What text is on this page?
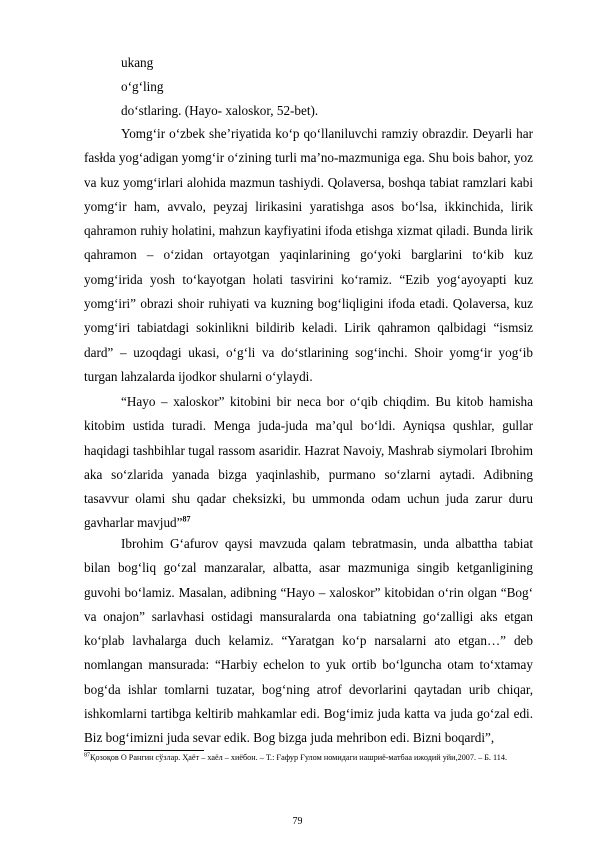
ukang
o‘g‘ling
do‘stlaring. (Hayo- xaloskor, 52-bet).

Yomg‘ir o‘zbek she’riyatida ko‘p qo‘llaniluvchi ramziy obrazdir. Deyarli har fasłda yog‘adigan yomg‘ir o‘zining turli ma’no-mazmuniga ega. Shu bois bahor, yoz va kuz yomg‘irlari alohida mazmun tashiydi. Qolaversa, boshqa tabiat ramzlari kabi yomg‘ir ham, avvalo, peyzaj lirikasini yaratishga asos bo‘lsa, ikkinchida, lirik qahramon ruhiy holatini, mahzun kayfiyatini ifoda etishga xizmat qiladi. Bunda lirik qahramon – o‘zidan ortayotgan yaqinlarining go‘yoki barglarini to‘kib kuz yomg‘irida yosh to‘kayotgan holati tasvirini ko‘ramiz. “Ezib yog‘ayoyapti kuz yomg‘iri” obrazi shoir ruhiyati va kuzning bog‘liqligini ifoda etadi. Qolaversa, kuz yomg‘iri tabiatdagi sokinlikni bildirib keladi. Lirik qahramon qalbidagi “ismsiz dard” – uzoqdagi ukasi, o‘g‘li va do‘stlarining sog‘inchi. Shoir yomg‘ir yog‘ib turgan lahzalarda ijodkor shularni o‘ylaydi.

“Hayo – xaloskor” kitobini bir neca bor o‘qib chiqdim. Bu kitob hamisha kitobim ustida turadi. Menga juda-juda ma’qul bo‘ldi. Ayniqsa qushlar, gullar haqidagi tashbihlar tugal rassom asaridir. Hazrat Navoiy, Mashrab siymolari Ibrohim aka so‘zlarida yanada bizga yaqinlashib, purmano so‘zlarni aytadi. Adibning tasavvur olami shu qadar cheksizki, bu ummonda odam uchun juda zarur duru gavharlar mavjud”$^{87}$

Ibrohim G‘afurov qaysi mavzuda qalam tebratmasin, unda albattha tabiat bilan bog‘liq go‘zal manzaralar, albatta, asar mazmuniga singib ketganligining guvohi bo‘lamiz. Masalan, adibning “Hayo – xaloskor” kitobidan o‘rin olgan “Bog‘ va onajon” sarlavhasi ostidagi mansuralarda ona tabiatning go‘zalligi aks etgan ko‘plab lavhalarga duch kelamiz. “Yaratgan ko‘p narsalarni ato etgan…” deb nomlangan mansurada: “Harbiy echelon to yuk ortib bo‘lguncha otam to‘xtamay bog‘da ishlar tomlarni tuzatar, bog‘ning atrof devorlarini qaytadan urib chiqar, ishkomlarni tartibga keltirib mahkamlar edi. Bog‘imiz juda katta va juda go‘zal edi. Biz bog‘imizni juda sevar edik. Bog bizga juda mehribon edi. Bizni boqardi”,

$^{87}$Қозоқов О Рангин сўзлар. Ҳаёт – хаёл – хиёбон. – Т.: Ғафур Ғулом номидаги нашриё-матбаа ижодий уйи,2007. – Б. 114.
79
